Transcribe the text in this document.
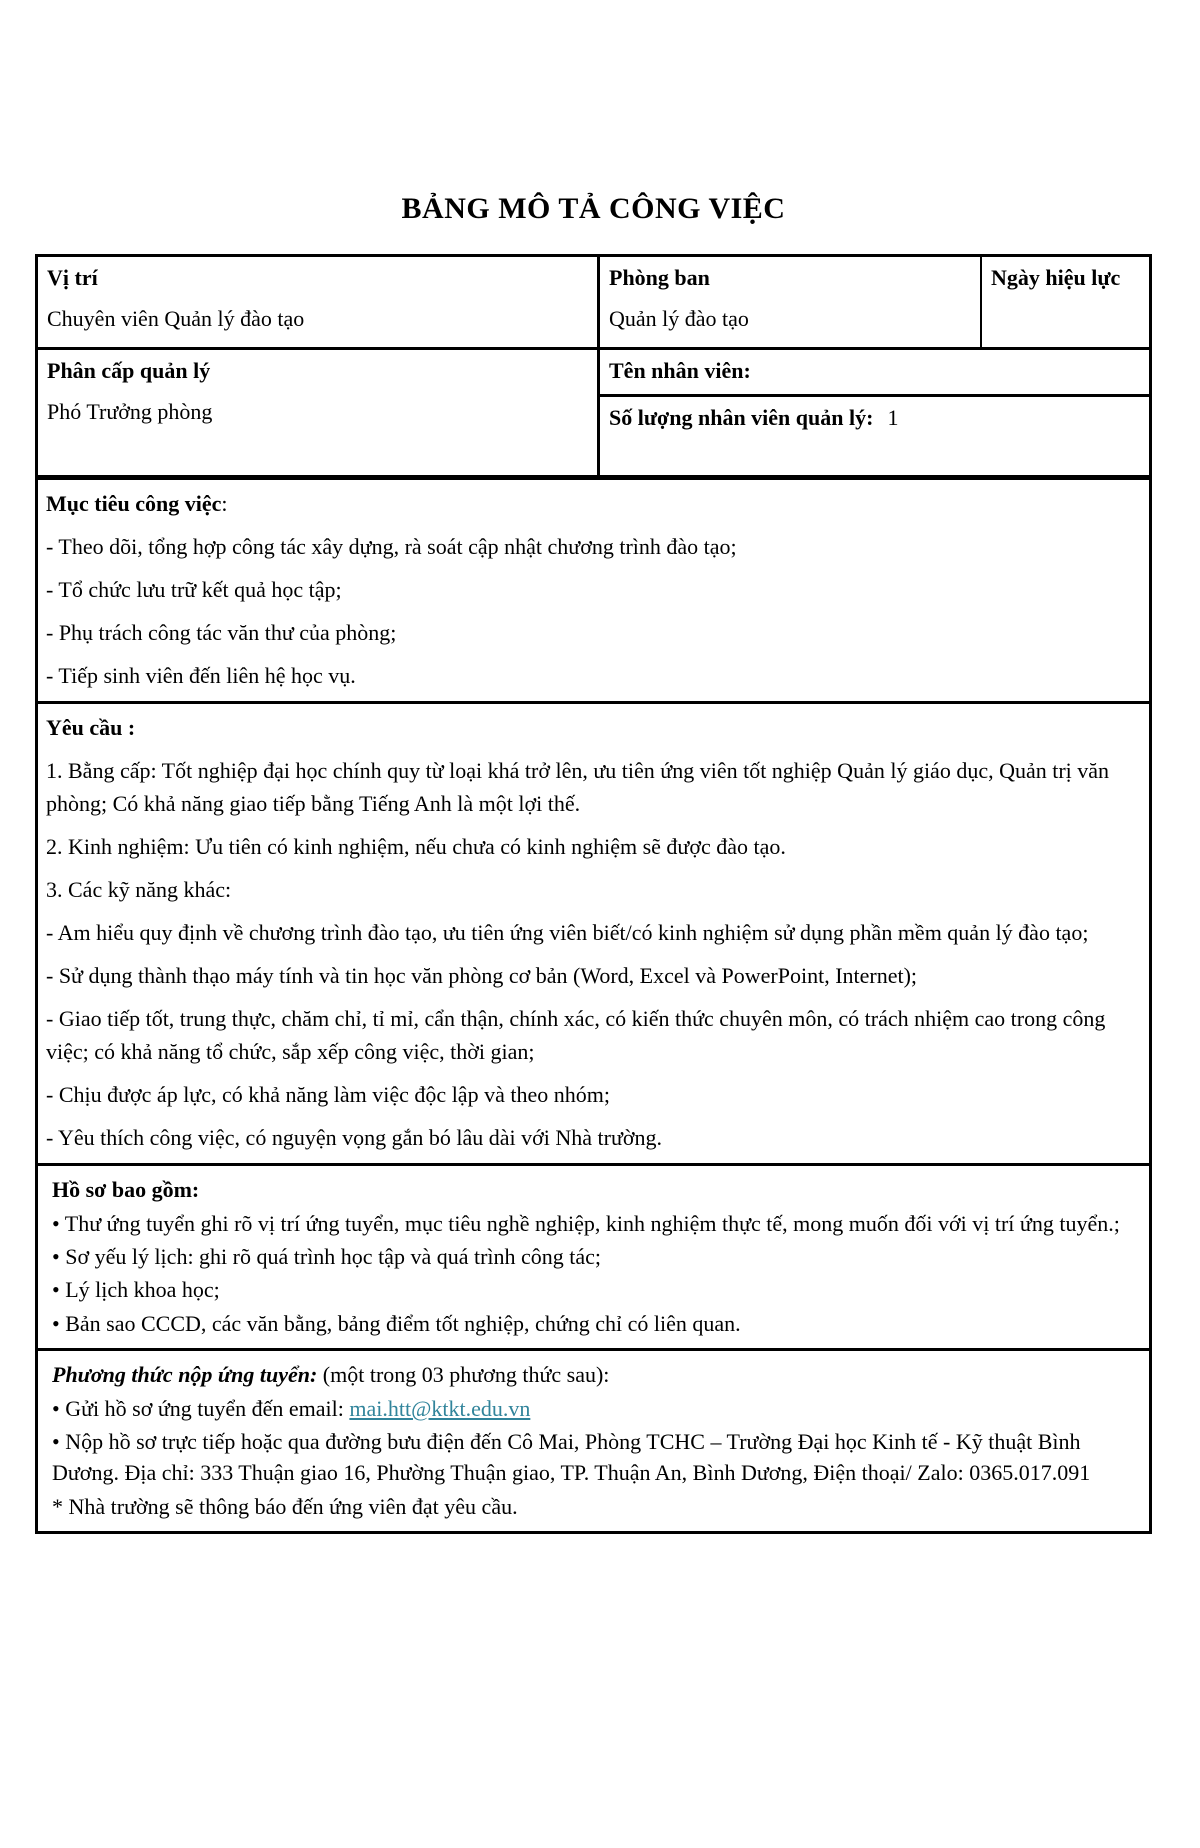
BẢNG MÔ TẢ CÔNG VIỆC
Vị trí
Chuyên viên Quản lý đào tạo
Phòng ban
Quản lý đào tạo
Ngày hiệu lực
Phân cấp quản lý
Phó Trưởng phòng
Tên nhân viên:
Số lượng nhân viên quản lý: 1
Mục tiêu công việc:

- Theo dõi, tổng hợp công tác xây dựng, rà soát cập nhật chương trình đào tạo;

- Tổ chức lưu trữ kết quả học tập;

- Phụ trách công tác văn thư của phòng;

- Tiếp sinh viên đến liên hệ học vụ.

Yêu cầu :

1. Bằng cấp: Tốt nghiệp đại học chính quy từ loại khá trở lên, ưu tiên ứng viên tốt nghiệp Quản lý giáo dục, Quản trị văn phòng; Có khả năng giao tiếp bằng Tiếng Anh là một lợi thế.

2. Kinh nghiệm: Ưu tiên có kinh nghiệm, nếu chưa có kinh nghiệm sẽ được đào tạo.

3. Các kỹ năng khác:

- Am hiểu quy định về chương trình đào tạo, ưu tiên ứng viên biết/có kinh nghiệm sử dụng phần mềm quản lý đào tạo;

- Sử dụng thành thạo máy tính và tin học văn phòng cơ bản (Word, Excel và PowerPoint, Internet);

- Giao tiếp tốt, trung thực, chăm chỉ, tỉ mỉ, cẩn thận, chính xác, có kiến thức chuyên môn, có trách nhiệm cao trong công việc; có khả năng tổ chức, sắp xếp công việc, thời gian;

- Chịu được áp lực, có khả năng làm việc độc lập và theo nhóm;

- Yêu thích công việc, có nguyện vọng gắn bó lâu dài với Nhà trường.

Hồ sơ bao gồm:

• Thư ứng tuyển ghi rõ vị trí ứng tuyển, mục tiêu nghề nghiệp, kinh nghiệm thực tế, mong muốn đối với vị trí ứng tuyển.;

• Sơ yếu lý lịch: ghi rõ quá trình học tập và quá trình công tác;

• Lý lịch khoa học;

• Bản sao CCCD, các văn bằng, bảng điểm tốt nghiệp, chứng chỉ có liên quan.

Phương thức nộp ứng tuyển: (một trong 03 phương thức sau):

• Gửi hồ sơ ứng tuyển đến email: mai.htt@ktkt.edu.vn

• Nộp hồ sơ trực tiếp hoặc qua đường bưu điện đến Cô Mai, Phòng TCHC – Trường Đại học Kinh tế - Kỹ thuật Bình Dương. Địa chỉ: 333 Thuận giao 16, Phường Thuận giao, TP. Thuận An, Bình Dương, Điện thoại/ Zalo: 0365.017.091

* Nhà trường sẽ thông báo đến ứng viên đạt yêu cầu.
